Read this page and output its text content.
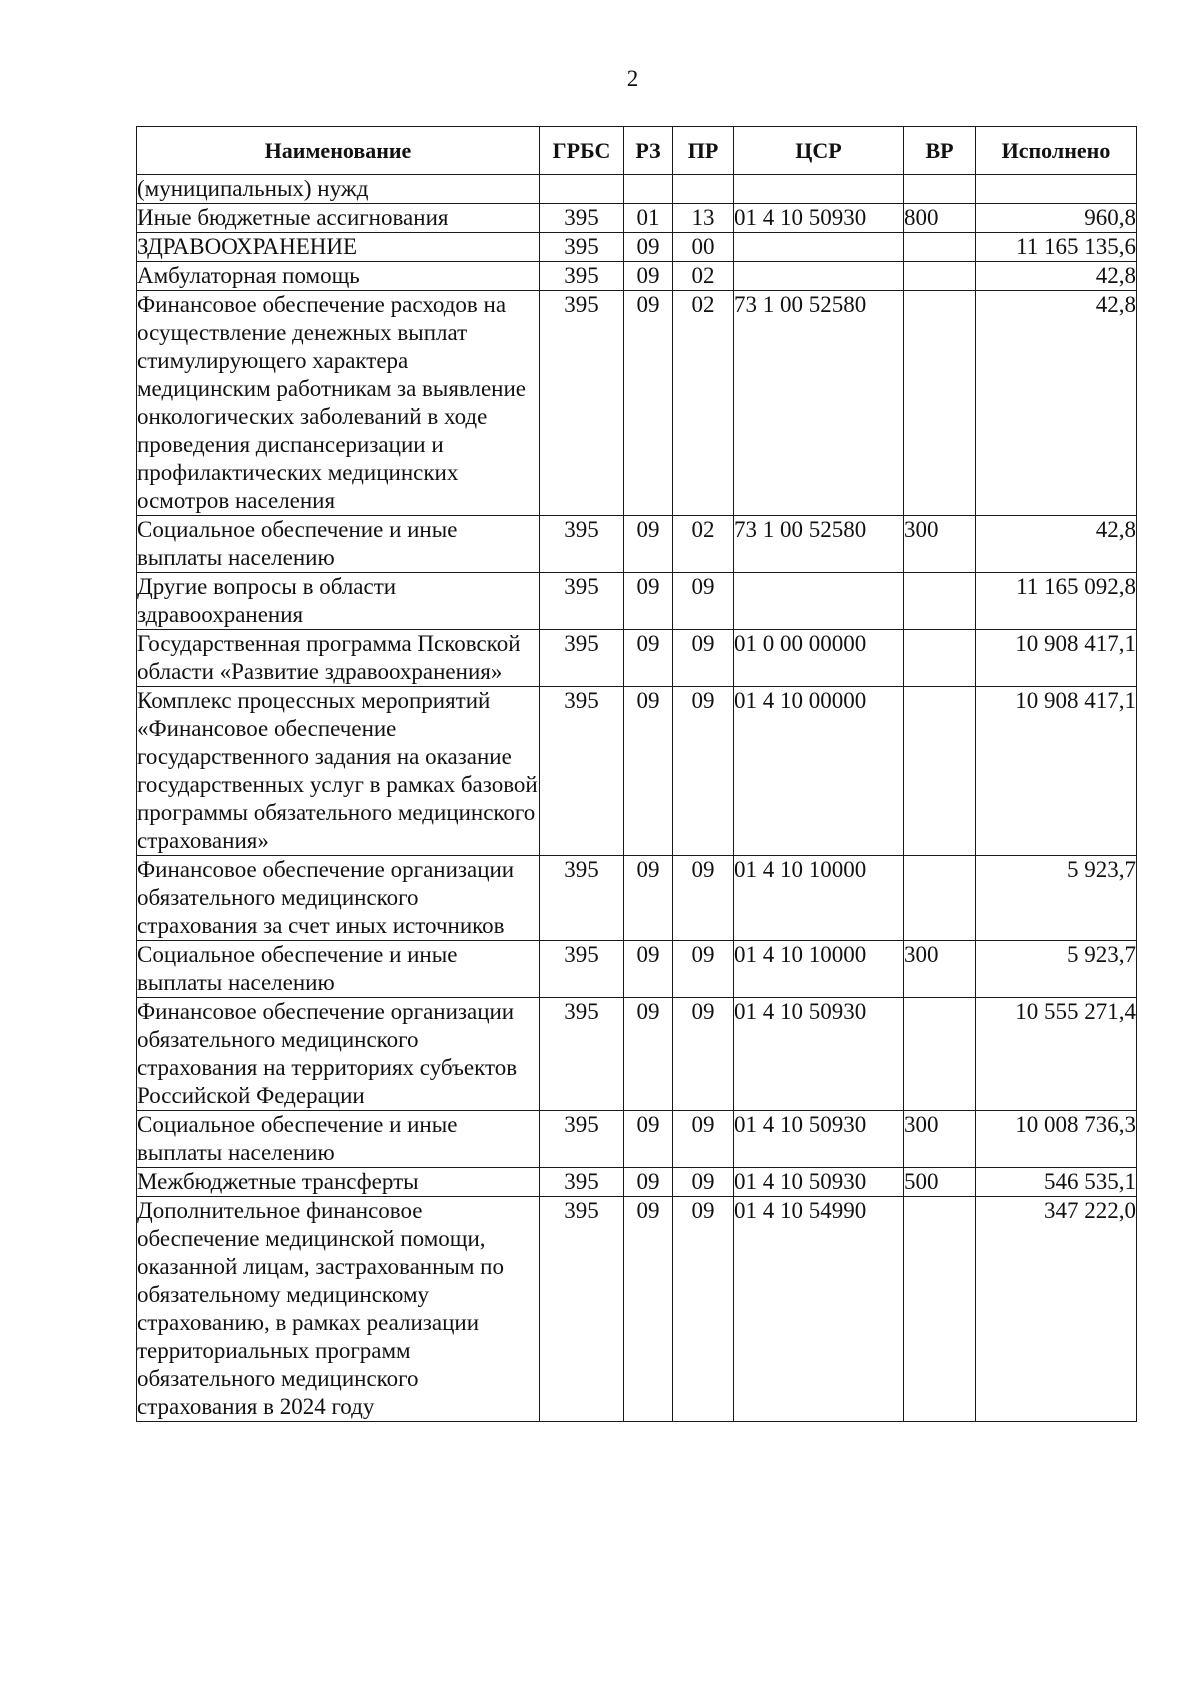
2
Наименование	ГРБС	РЗ	ПР	ЦСР	ВР	Исполнено
(муниципальных) нужд						
Иные бюджетные ассигнования	395	01	13	01 4 10 50930	800	960,8
ЗДРАВООХРАНЕНИЕ	395	09	00			11 165 135,6
Амбулаторная помощь	395	09	02			42,8
Финансовое обеспечение расходов на осуществление денежных выплат стимулирующего характера медицинским работникам за выявление онкологических заболеваний в ходе проведения диспансеризации и профилактических медицинских осмотров населения	395	09	02	73 1 00 52580		42,8
Социальное обеспечение и иные выплаты населению	395	09	02	73 1 00 52580	300	42,8
Другие вопросы в области здравоохранения	395	09	09			11 165 092,8
Государственная программа Псковской области «Развитие здравоохранения»	395	09	09	01 0 00 00000		10 908 417,1
Комплекс процессных мероприятий «Финансовое обеспечение государственного задания на оказание государственных услуг в рамках базовой программы обязательного медицинского страхования»	395	09	09	01 4 10 00000		10 908 417,1
Финансовое обеспечение организации обязательного медицинского страхования за счет иных источников	395	09	09	01 4 10 10000		5 923,7
Социальное обеспечение и иные выплаты населению	395	09	09	01 4 10 10000	300	5 923,7
Финансовое обеспечение организации обязательного медицинского страхования на территориях субъектов Российской Федерации	395	09	09	01 4 10 50930		10 555 271,4
Социальное обеспечение и иные выплаты населению	395	09	09	01 4 10 50930	300	10 008 736,3
Межбюджетные трансферты	395	09	09	01 4 10 50930	500	546 535,1
Дополнительное финансовое обеспечение медицинской помощи, оказанной лицам, застрахованным по обязательному медицинскому страхованию, в рамках реализации территориальных программ обязательного медицинского страхования в 2024 году	395	09	09	01 4 10 54990		347 222,0
